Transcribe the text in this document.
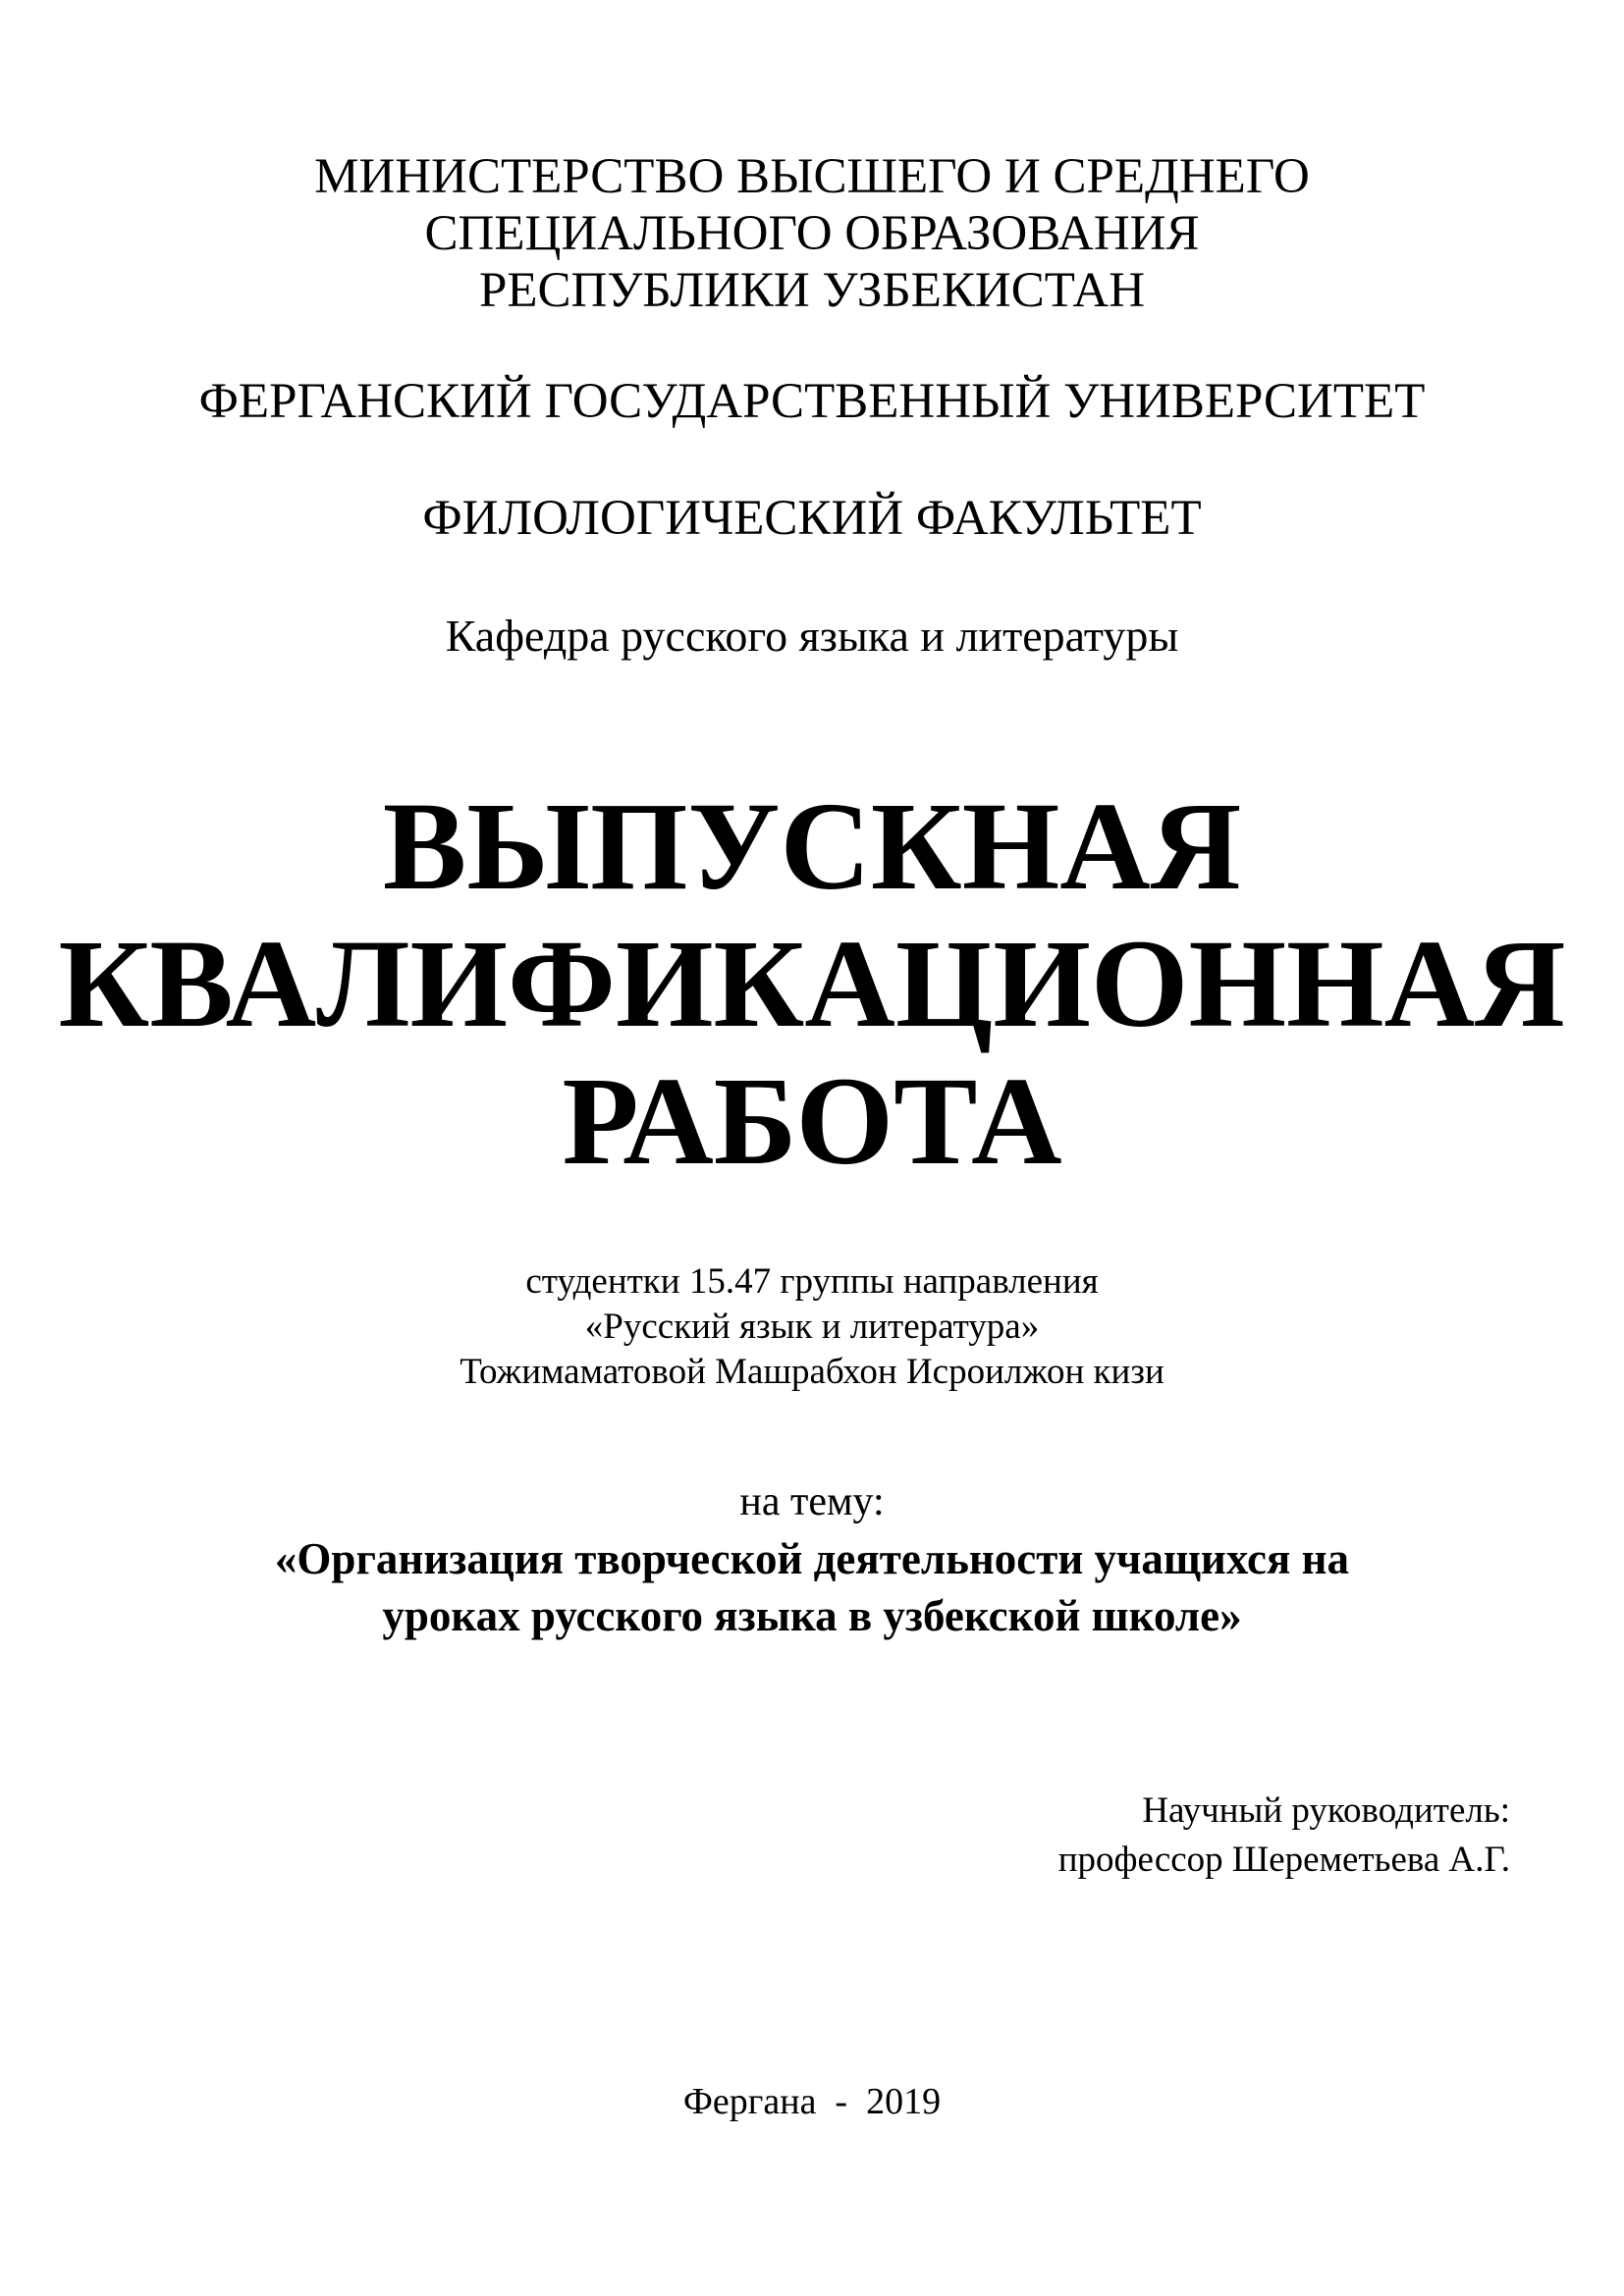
МИНИСТЕРСТВО ВЫСШЕГО И СРЕДНЕГО

СПЕЦИАЛЬНОГО ОБРАЗОВАНИЯ

РЕСПУБЛИКИ УЗБЕКИСТАН

ФЕРГАНСКИЙ ГОСУДАРСТВЕННЫЙ УНИВЕРСИТЕТ

ФИЛОЛОГИЧЕСКИЙ ФАКУЛЬТЕТ

Кафедра русского языка и литературы

ВЫПУСКНАЯ

КВАЛИФИКАЦИОННАЯ

РАБОТА

студентки 15.47 группы направления

«Русский язык и литература»

Тожимаматовой Машрабхон Исроилжон кизи

на тему:

«Организация творческой деятельности учащихся на

уроках русского языка в узбекской школе»

Научный руководитель:

профессор Шереметьева А.Г.

Фергана  -  2019
